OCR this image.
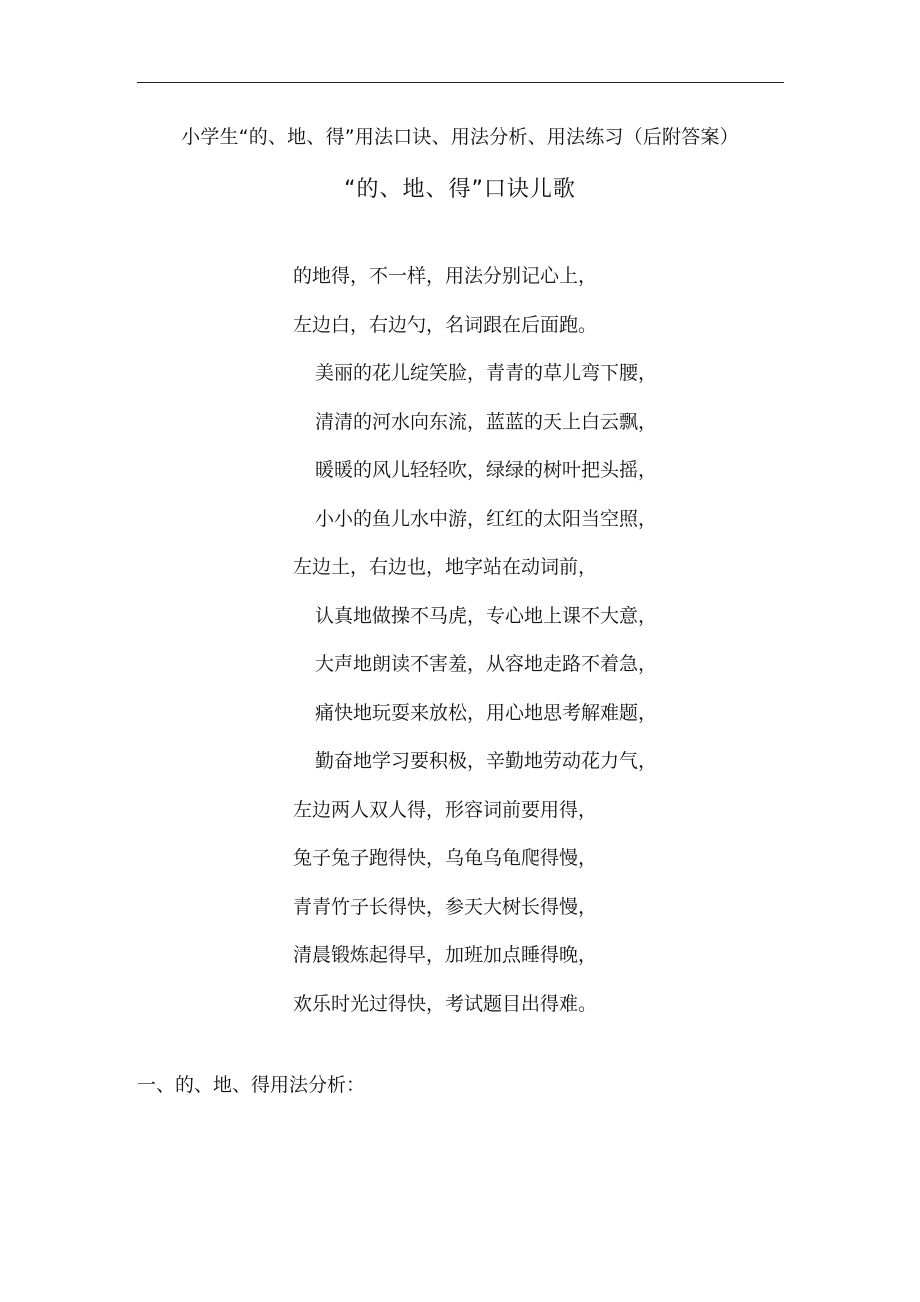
小学生“的、地、得”用法口诀、用法分析、用法练习（后附答案）
“的、地、得”口诀儿歌
的地得，不一样，用法分别记心上，
左边白，右边勺，名词跟在后面跑。
美丽的花儿绽笑脸，青青的草儿弯下腰，
清清的河水向东流，蓝蓝的天上白云飘，
暖暖的风儿轻轻吹，绿绿的树叶把头摇，
小小的鱼儿水中游，红红的太阳当空照，
左边土，右边也，地字站在动词前，
认真地做操不马虎，专心地上课不大意，
大声地朗读不害羞，从容地走路不着急，
痛快地玩耍来放松，用心地思考解难题，
勤奋地学习要积极，辛勤地劳动花力气，
左边两人双人得，形容词前要用得，
兔子兔子跑得快，乌龟乌龟爬得慢，
青青竹子长得快，参天大树长得慢，
清晨锻炼起得早，加班加点睡得晚，
欢乐时光过得快，考试题目出得难。
一、的、地、得用法分析：
